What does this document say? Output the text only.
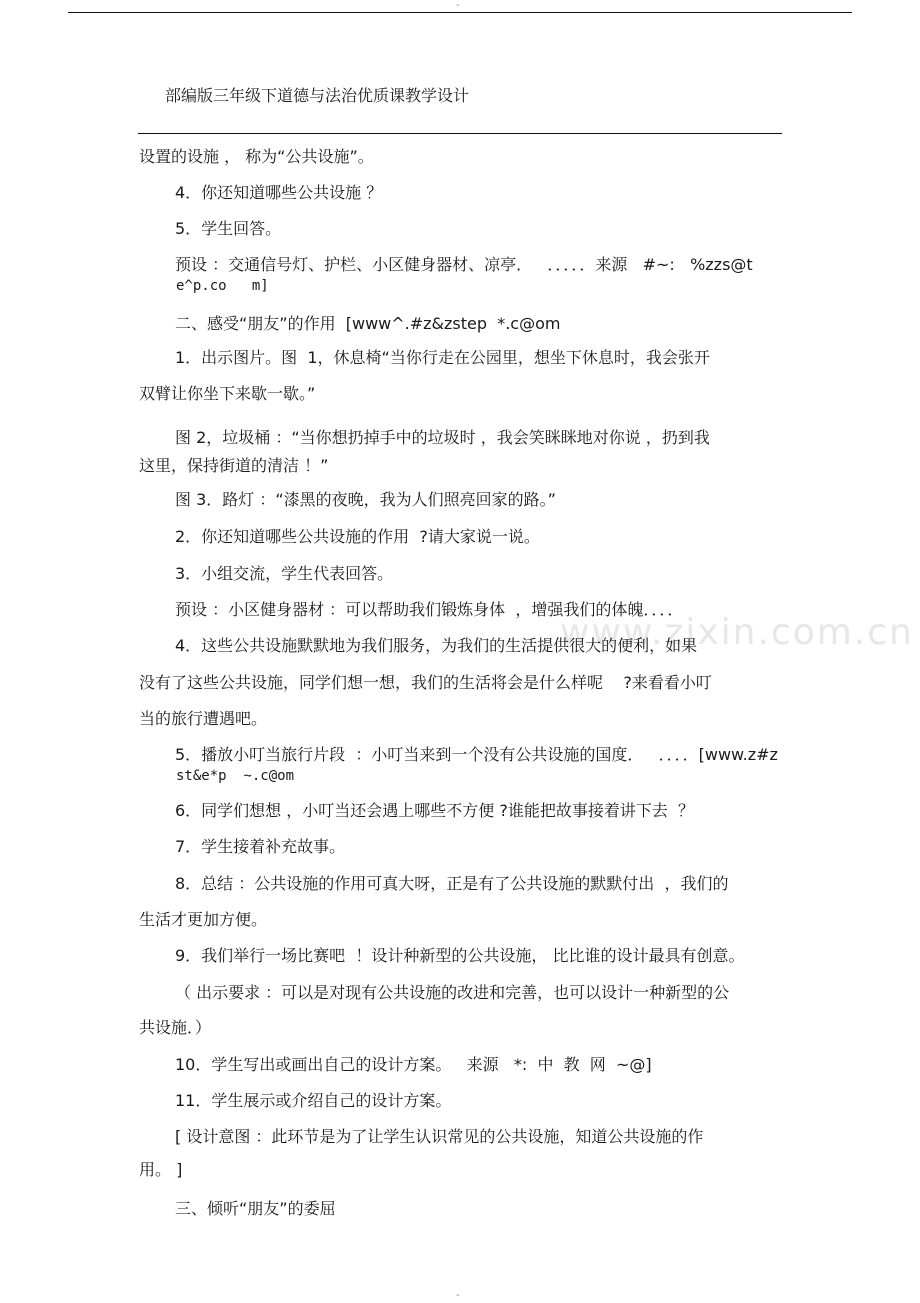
-
部编版三年级下道德与法治优质课教学设计
www.zixin.com.cn
设置的设施 ， 称为“公共设施”。
4．你还知道哪些公共设施 ？
5．学生回答。
预设 ：交通信号灯、护栏、小区健身器材、凉亭．   ．．．．．来源   #~:   %zzs@t
e^p.co   m]
二、感受“朋友”的作用  [www^.#z&zstep  *.c@om
1．出示图片。图  1，休息椅“当你行走在公园里，想坐下休息时，我会张开
双臂让你坐下来歇一歇。”
图 2，垃圾桶 ：“当你想扔掉手中的垃圾时 ，我会笑眯眯地对你说 ，扔到我
这里，保持街道的清洁 ！”
图 3．路灯 ：“漆黑的夜晚，我为人们照亮回家的路。”
2．你还知道哪些公共设施的作用  ?请大家说一说。
3．小组交流，学生代表回答。
预设 ：小区健身器材 ：可以帮助我们锻炼身体  ，增强我们的体魄．．．．
4．这些公共设施默默地为我们服务，为我们的生活提供很大的便利，如果
没有了这些公共设施，同学们想一想，我们的生活将会是什么样呢    ?来看看小叮
当的旅行遭遇吧。
5．播放小叮当旅行片段  ：小叮当来到一个没有公共设施的国度．   ．．．．[www.z#z
st&e*p  ~.c@om
6．同学们想想 ，小叮当还会遇上哪些不方便 ?谁能把故事接着讲下去  ？
7．学生接着补充故事。
8．总结 ：公共设施的作用可真大呀，正是有了公共设施的默默付出  ，我们的
生活才更加方便。
9．我们举行一场比赛吧  ！设计种新型的公共设施， 比比谁的设计最具有创意。
（ 出示要求 ：可以是对现有公共设施的改进和完善，也可以设计一种新型的公
共设施．）
10．学生写出或画出自己的设计方案。   来源   *:  中  教  网  ~@]
11．学生展示或介绍自己的设计方案。
[ 设计意图 ：此环节是为了让学生认识常见的公共设施，知道公共设施的作
用。 ]
三、倾听“朋友”的委屈
-
